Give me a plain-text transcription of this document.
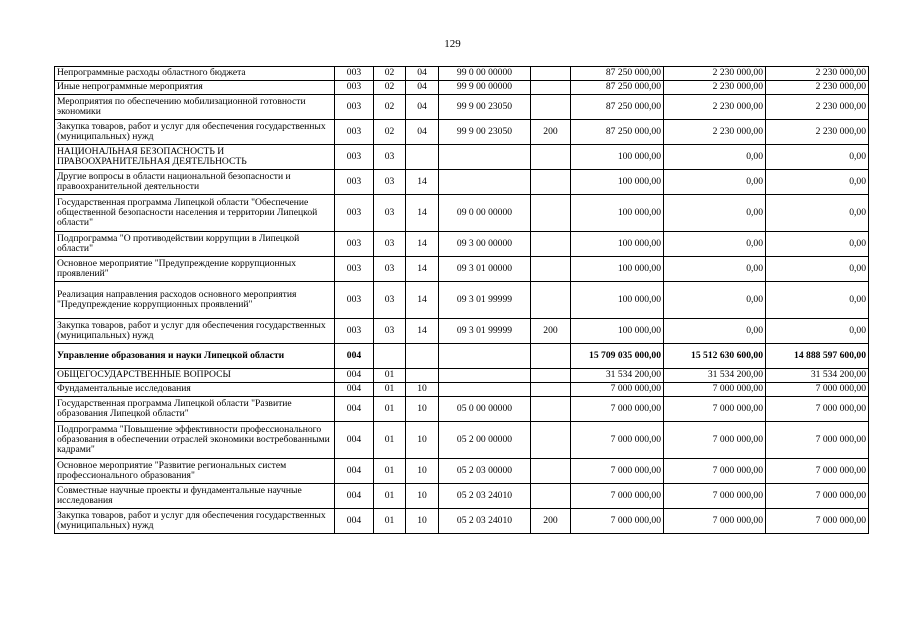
129
Непрограммные расходы областного бюджета	003	02	04	99 0 00 00000		87 250 000,00	2 230 000,00	2 230 000,00
Иные непрограммные мероприятия	003	02	04	99 9 00 00000		87 250 000,00	2 230 000,00	2 230 000,00
Мероприятия по обеспечению мобилизационной готовности экономики	003	02	04	99 9 00 23050		87 250 000,00	2 230 000,00	2 230 000,00
Закупка товаров, работ и услуг для обеспечения государственных (муниципальных) нужд	003	02	04	99 9 00 23050	200	87 250 000,00	2 230 000,00	2 230 000,00
НАЦИОНАЛЬНАЯ БЕЗОПАСНОСТЬ И ПРАВООХРАНИТЕЛЬНАЯ ДЕЯТЕЛЬНОСТЬ	003	03				100 000,00	0,00	0,00
Другие вопросы в области национальной безопасности и правоохранительной деятельности	003	03	14			100 000,00	0,00	0,00
Государственная программа Липецкой области "Обеспечение общественной безопасности населения и территории Липецкой области"	003	03	14	09 0 00 00000		100 000,00	0,00	0,00
Подпрограмма "О противодействии коррупции в Липецкой области"	003	03	14	09 3 00 00000		100 000,00	0,00	0,00
Основное мероприятие "Предупреждение коррупционных проявлений"	003	03	14	09 3 01 00000		100 000,00	0,00	0,00
Реализация направления расходов основного мероприятия "Предупреждение коррупционных проявлений"	003	03	14	09 3 01 99999		100 000,00	0,00	0,00
Закупка товаров, работ и услуг для обеспечения государственных (муниципальных) нужд	003	03	14	09 3 01 99999	200	100 000,00	0,00	0,00
Управление образования и науки Липецкой области	004					15 709 035 000,00	15 512 630 600,00	14 888 597 600,00
ОБЩЕГОСУДАРСТВЕННЫЕ ВОПРОСЫ	004	01				31 534 200,00	31 534 200,00	31 534 200,00
Фундаментальные исследования	004	01	10			7 000 000,00	7 000 000,00	7 000 000,00
Государственная программа Липецкой области "Развитие образования Липецкой области"	004	01	10	05 0 00 00000		7 000 000,00	7 000 000,00	7 000 000,00
Подпрограмма "Повышение эффективности профессионального образования в обеспечении отраслей экономики востребованными кадрами"	004	01	10	05 2 00 00000		7 000 000,00	7 000 000,00	7 000 000,00
Основное мероприятие "Развитие региональных систем профессионального образования"	004	01	10	05 2 03 00000		7 000 000,00	7 000 000,00	7 000 000,00
Совместные научные проекты и фундаментальные научные исследования	004	01	10	05 2 03 24010		7 000 000,00	7 000 000,00	7 000 000,00
Закупка товаров, работ и услуг для обеспечения государственных (муниципальных) нужд	004	01	10	05 2 03 24010	200	7 000 000,00	7 000 000,00	7 000 000,00
